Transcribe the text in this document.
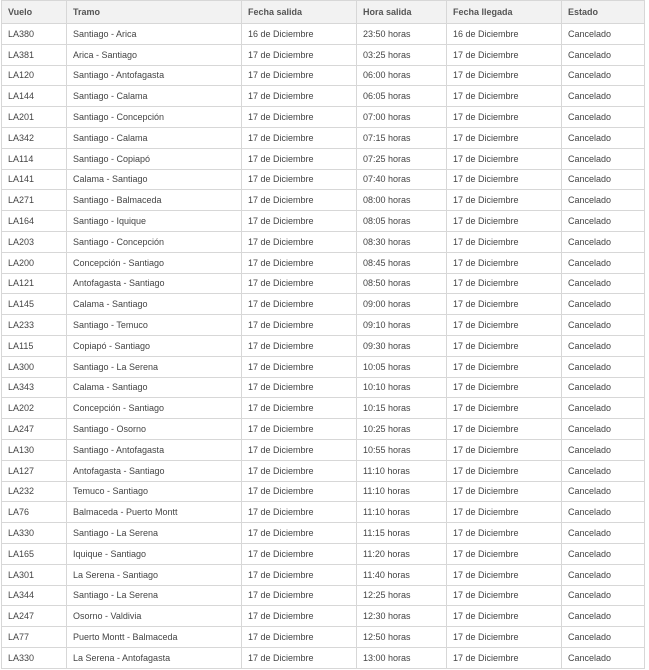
Vuelo	Tramo	Fecha salida	Hora salida	Fecha llegada	Estado
LA380	Santiago - Arica	16 de Diciembre	23:50 horas	16 de Diciembre	Cancelado
LA381	Arica - Santiago	17 de Diciembre	03:25 horas	17 de Diciembre	Cancelado
LA120	Santiago - Antofagasta	17 de Diciembre	06:00 horas	17 de Diciembre	Cancelado
LA144	Santiago - Calama	17 de Diciembre	06:05 horas	17 de Diciembre	Cancelado
LA201	Santiago - Concepción	17 de Diciembre	07:00 horas	17 de Diciembre	Cancelado
LA342	Santiago - Calama	17 de Diciembre	07:15 horas	17 de Diciembre	Cancelado
LA114	Santiago - Copiapó	17 de Diciembre	07:25 horas	17 de Diciembre	Cancelado
LA141	Calama - Santiago	17 de Diciembre	07:40 horas	17 de Diciembre	Cancelado
LA271	Santiago - Balmaceda	17 de Diciembre	08:00 horas	17 de Diciembre	Cancelado
LA164	Santiago - Iquique	17 de Diciembre	08:05 horas	17 de Diciembre	Cancelado
LA203	Santiago - Concepción	17 de Diciembre	08:30 horas	17 de Diciembre	Cancelado
LA200	Concepción - Santiago	17 de Diciembre	08:45 horas	17 de Diciembre	Cancelado
LA121	Antofagasta - Santiago	17 de Diciembre	08:50 horas	17 de Diciembre	Cancelado
LA145	Calama - Santiago	17 de Diciembre	09:00 horas	17 de Diciembre	Cancelado
LA233	Santiago - Temuco	17 de Diciembre	09:10 horas	17 de Diciembre	Cancelado
LA115	Copiapó - Santiago	17 de Diciembre	09:30 horas	17 de Diciembre	Cancelado
LA300	Santiago - La Serena	17 de Diciembre	10:05 horas	17 de Diciembre	Cancelado
LA343	Calama - Santiago	17 de Diciembre	10:10 horas	17 de Diciembre	Cancelado
LA202	Concepción - Santiago	17 de Diciembre	10:15 horas	17 de Diciembre	Cancelado
LA247	Santiago - Osorno	17 de Diciembre	10:25 horas	17 de Diciembre	Cancelado
LA130	Santiago - Antofagasta	17 de Diciembre	10:55 horas	17 de Diciembre	Cancelado
LA127	Antofagasta - Santiago	17 de Diciembre	11:10 horas	17 de Diciembre	Cancelado
LA232	Temuco - Santiago	17 de Diciembre	11:10 horas	17 de Diciembre	Cancelado
LA76	Balmaceda - Puerto Montt	17 de Diciembre	11:10 horas	17 de Diciembre	Cancelado
LA330	Santiago - La Serena	17 de Diciembre	11:15 horas	17 de Diciembre	Cancelado
LA165	Iquique - Santiago	17 de Diciembre	11:20 horas	17 de Diciembre	Cancelado
LA301	La Serena - Santiago	17 de Diciembre	11:40 horas	17 de Diciembre	Cancelado
LA344	Santiago - La Serena	17 de Diciembre	12:25 horas	17 de Diciembre	Cancelado
LA247	Osorno - Valdivia	17 de Diciembre	12:30 horas	17 de Diciembre	Cancelado
LA77	Puerto Montt - Balmaceda	17 de Diciembre	12:50 horas	17 de Diciembre	Cancelado
LA330	La Serena - Antofagasta	17 de Diciembre	13:00 horas	17 de Diciembre	Cancelado
